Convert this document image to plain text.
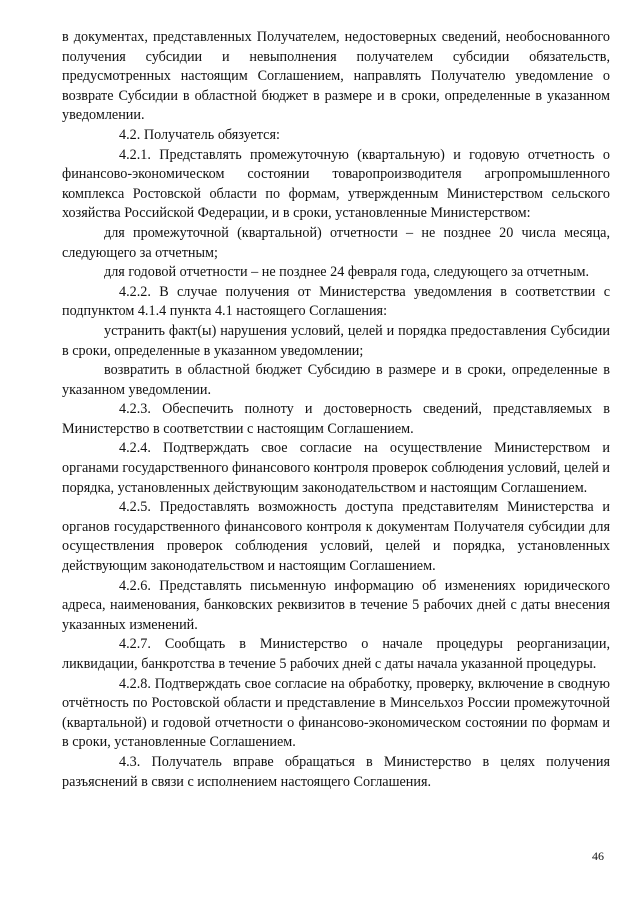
в документах, представленных Получателем, недостоверных сведений, необоснованного получения субсидии и невыполнения получателем субсидии обязательств, предусмотренных настоящим Соглашением, направлять Получателю уведомление о возврате Субсидии в областной бюджет в размере и в сроки, определенные в указанном уведомлении.

4.2. Получатель обязуется:

4.2.1. Представлять промежуточную (квартальную) и годовую отчетность о финансово-экономическом состоянии товаропроизводителя агропромышленного комплекса Ростовской области по формам, утвержденным Министерством сельского хозяйства Российской Федерации, и в сроки, установленные Министерством:

для промежуточной (квартальной) отчетности – не позднее 20 числа месяца, следующего за отчетным;

для годовой отчетности – не позднее 24 февраля года, следующего за отчетным.

4.2.2. В случае получения от Министерства уведомления в соответствии с подпунктом 4.1.4 пункта 4.1 настоящего Соглашения:

устранить факт(ы) нарушения условий, целей и порядка предоставления Субсидии в сроки, определенные в указанном уведомлении;

возвратить в областной бюджет Субсидию в размере и в сроки, определенные в указанном уведомлении.

4.2.3. Обеспечить полноту и достоверность сведений, представляемых в Министерство в соответствии с настоящим Соглашением.

4.2.4. Подтверждать свое согласие на осуществление Министерством и органами государственного финансового контроля проверок соблюдения условий, целей и порядка, установленных действующим законодательством и настоящим Соглашением.

4.2.5. Предоставлять возможность доступа представителям Министерства и органов государственного финансового контроля к документам Получателя субсидии для осуществления проверок соблюдения условий, целей и порядка, установленных действующим законодательством и настоящим Соглашением.

4.2.6. Представлять письменную информацию об изменениях юридического адреса, наименования, банковских реквизитов в течение 5 рабочих дней с даты внесения указанных изменений.

4.2.7. Сообщать в Министерство о начале процедуры реорганизации, ликвидации, банкротства в течение 5 рабочих дней с даты начала указанной процедуры.

4.2.8. Подтверждать свое согласие на обработку, проверку, включение в сводную отчётность по Ростовской области и представление в Минсельхоз России промежуточной (квартальной) и годовой отчетности о финансово-экономическом состоянии по формам и в сроки, установленные Соглашением.

4.3. Получатель вправе обращаться в Министерство в целях получения разъяснений в связи с исполнением настоящего Соглашения.

46
